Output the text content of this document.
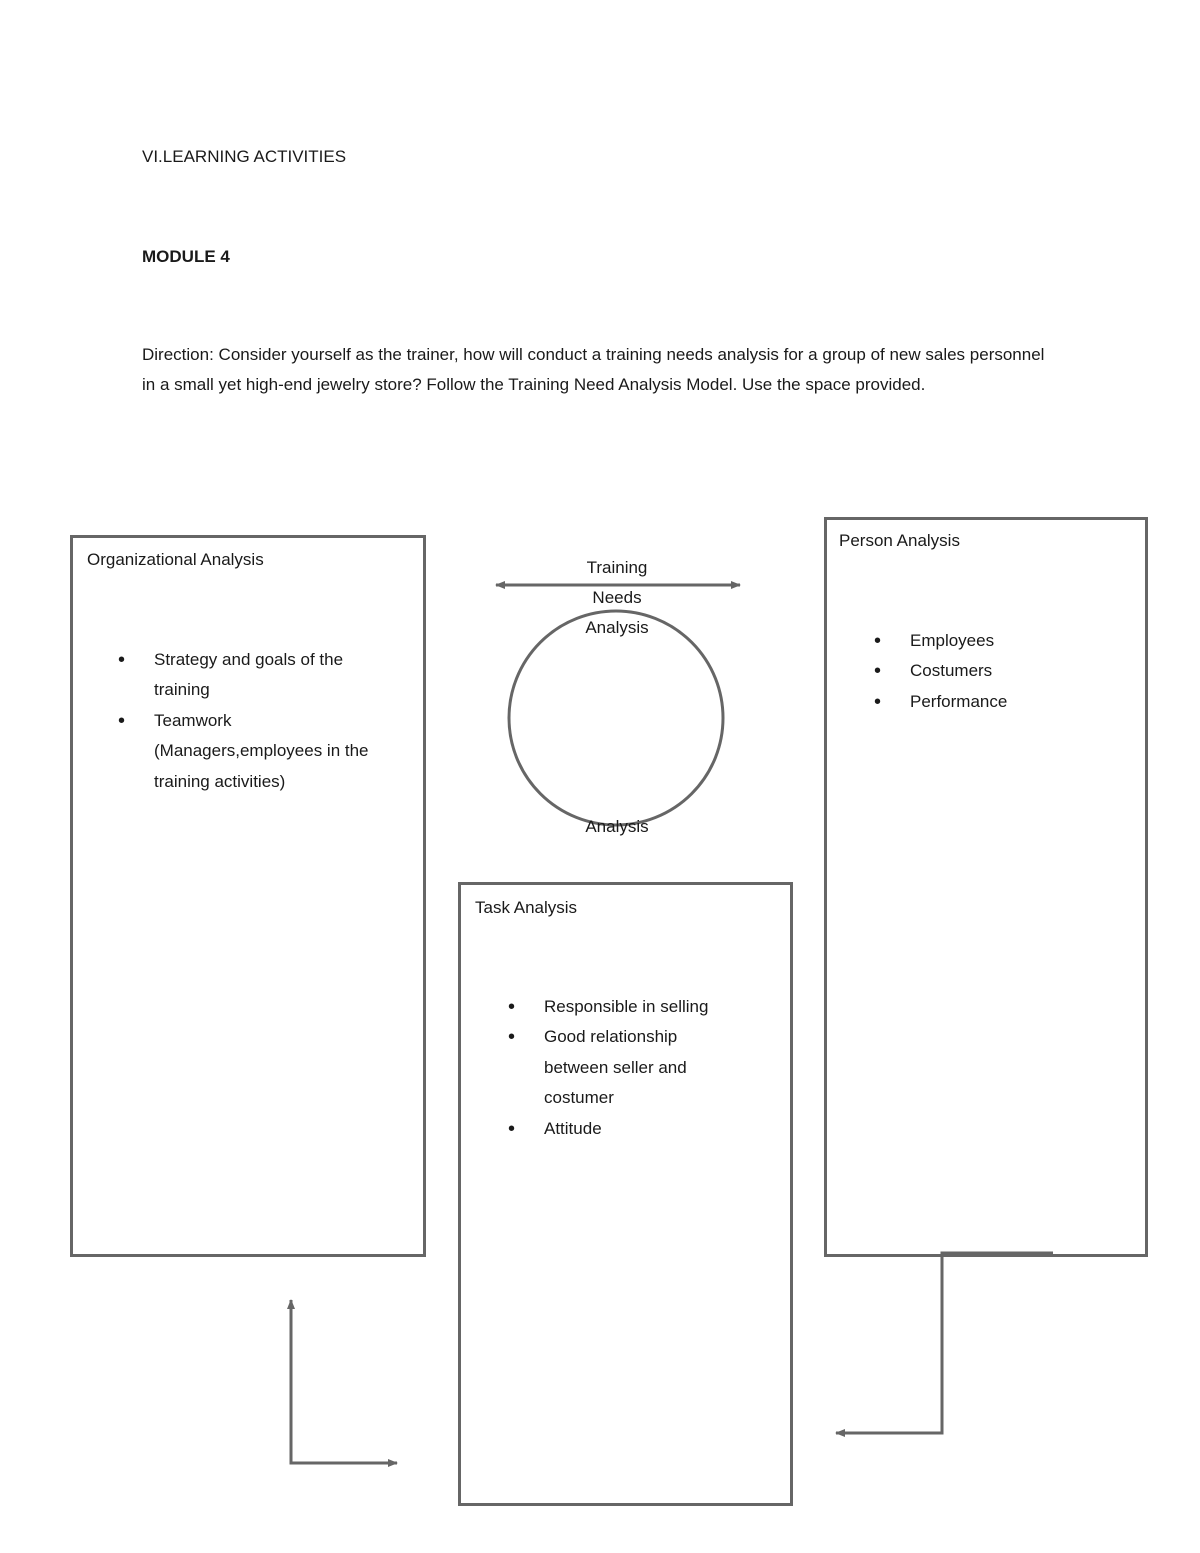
VI.LEARNING ACTIVITIES
MODULE 4
Direction: Consider yourself as the trainer, how will conduct a training needs analysis for a group of new sales personnel in a small yet high-end jewelry store? Follow the Training Need Analysis Model. Use the space provided.
Training
Needs
Analysis
Analysis
Organizational Analysis
• Strategy and goals of the training
• Teamwork (Managers,employees in the training activities)
Person Analysis
• Employees
• Costumers
• Performance
Task Analysis
• Responsible in selling
• Good relationship between seller and costumer
• Attitude
